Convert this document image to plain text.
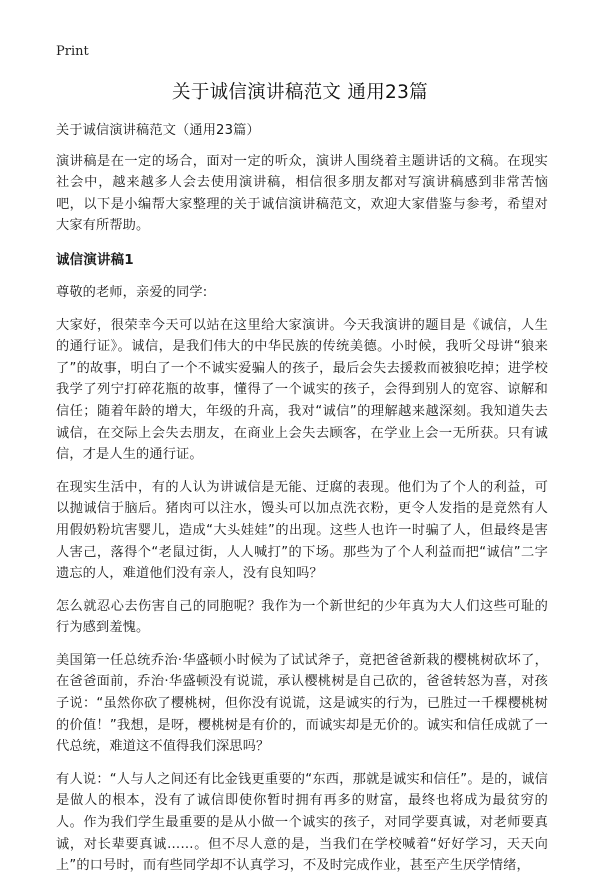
Print
关于诚信演讲稿范文 通用23篇

关于诚信演讲稿范文（通用23篇）

演讲稿是在一定的场合，面对一定的听众，演讲人围绕着主题讲话的文稿。在现实社会中，越来越多人会去使用演讲稿，相信很多朋友都对写演讲稿感到非常苦恼吧，以下是小编帮大家整理的关于诚信演讲稿范文，欢迎大家借鉴与参考，希望对大家有所帮助。

诚信演讲稿1

尊敬的老师，亲爱的同学:

大家好，很荣幸今天可以站在这里给大家演讲。今天我演讲的题目是《诚信，人生的通行证》。诚信，是我们伟大的中华民族的传统美德。小时候，我听父母讲“狼来了”的故事，明白了一个不诚实爱骗人的孩子，最后会失去援救而被狼吃掉；进学校我学了列宁打碎花瓶的故事，懂得了一个诚实的孩子，会得到别人的宽容、谅解和信任；随着年龄的增大，年级的升高，我对“诚信”的理解越来越深刻。我知道失去诚信，在交际上会失去朋友，在商业上会失去顾客，在学业上会一无所获。只有诚信，才是人生的通行证。

在现实生活中，有的人认为讲诚信是无能、迂腐的表现。他们为了个人的利益，可以抛诚信于脑后。猪肉可以注水，馒头可以加点洗衣粉，更令人发指的是竟然有人用假奶粉坑害婴儿，造成“大头娃娃”的出现。这些人也许一时骗了人，但最终是害人害己，落得个“老鼠过街，人人喊打”的下场。那些为了个人利益而把“诚信”二字遗忘的人，难道他们没有亲人，没有良知吗？

怎么就忍心去伤害自己的同胞呢？我作为一个新世纪的少年真为大人们这些可耻的行为感到羞愧。

美国第一任总统乔治·华盛顿小时候为了试试斧子，竟把爸爸新栽的樱桃树砍坏了，在爸爸面前，乔治·华盛顿没有说谎，承认樱桃树是自己砍的，爸爸转怒为喜，对孩子说：“虽然你砍了樱桃树，但你没有说谎，这是诚实的行为，已胜过一千棵樱桃树的价值！”我想，是呀，樱桃树是有价的，而诚实却是无价的。诚实和信任成就了一代总统，难道这不值得我们深思吗？

有人说：“人与人之间还有比金钱更重要的“东西，那就是诚实和信任”。是的，诚信是做人的根本，没有了诚信即使你暂时拥有再多的财富，最终也将成为最贫穷的人。作为我们学生最重要的是从小做一个诚实的孩子，对同学要真诚，对老师要真诚，对长辈要真诚……。但不尽人意的是，当我们在学校喊着“好好学习，天天向上”的口号时，而有些同学却不认真学习，不及时完成作业，甚至产生厌学情绪，
